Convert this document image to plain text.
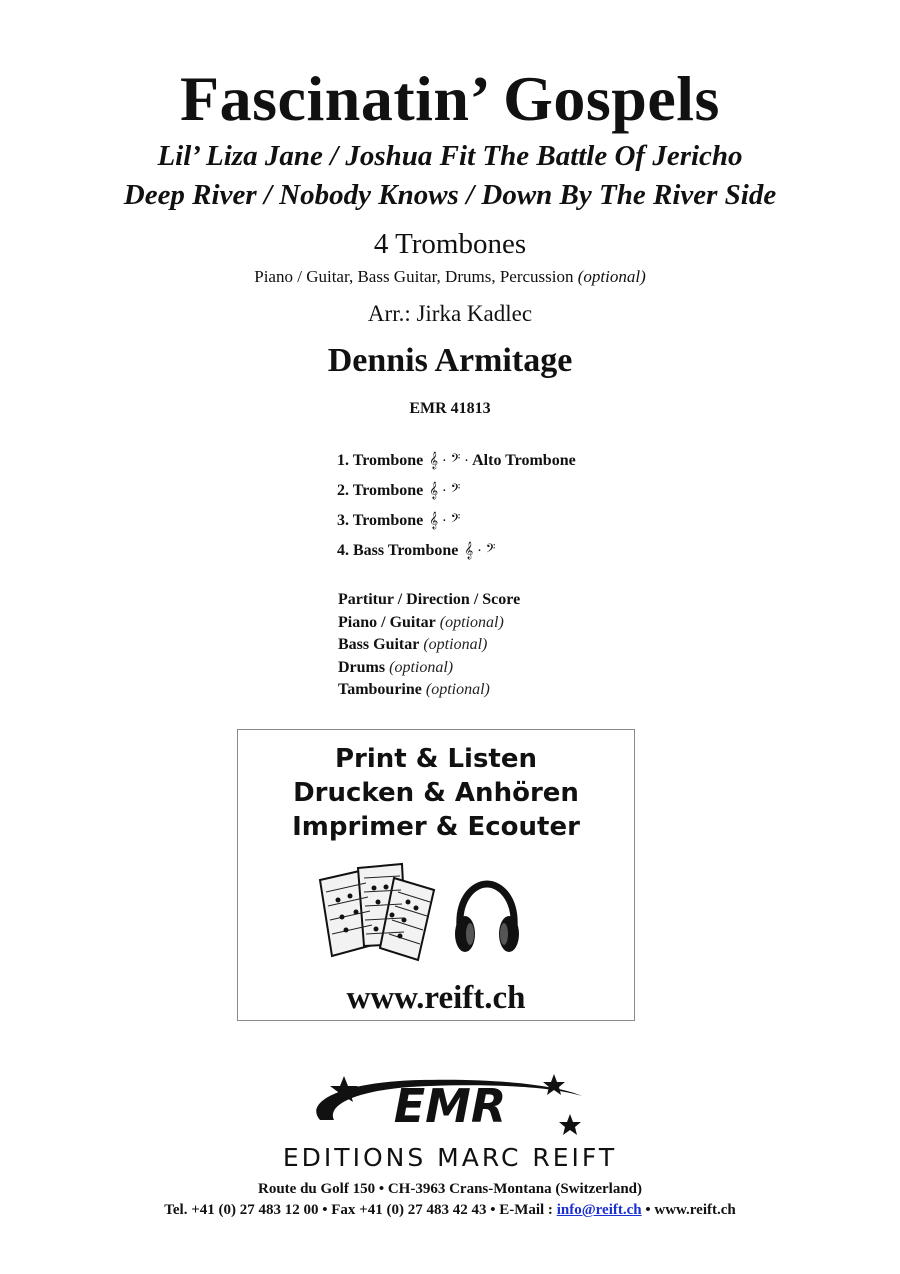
Fascinatin’ Gospels
Lil’ Liza Jane / Joshua Fit The Battle Of Jericho
Deep River / Nobody Knows / Down By The River Side
4 Trombones
Piano / Guitar, Bass Guitar, Drums, Percussion (optional)
Arr.: Jirka Kadlec
Dennis Armitage
EMR 41813
1. Trombone 𝄞 · 𝄢 · Alto Trombone
2. Trombone 𝄞 · 𝄢
3. Trombone 𝄞 · 𝄢
4. Bass Trombone 𝄞 · 𝄢
Partitur / Direction / Score
Piano / Guitar (optional)
Bass Guitar (optional)
Drums (optional)
Tambourine (optional)
Print & Listen
Drucken & Anhören
Imprimer & Ecouter
www.reift.ch
EMR
EDITIONS MARC REIFT
Route du Golf 150 • CH-3963 Crans-Montana (Switzerland)
Tel. +41 (0) 27 483 12 00 • Fax +41 (0) 27 483 42 43 • E-Mail : info@reift.ch • www.reift.ch
